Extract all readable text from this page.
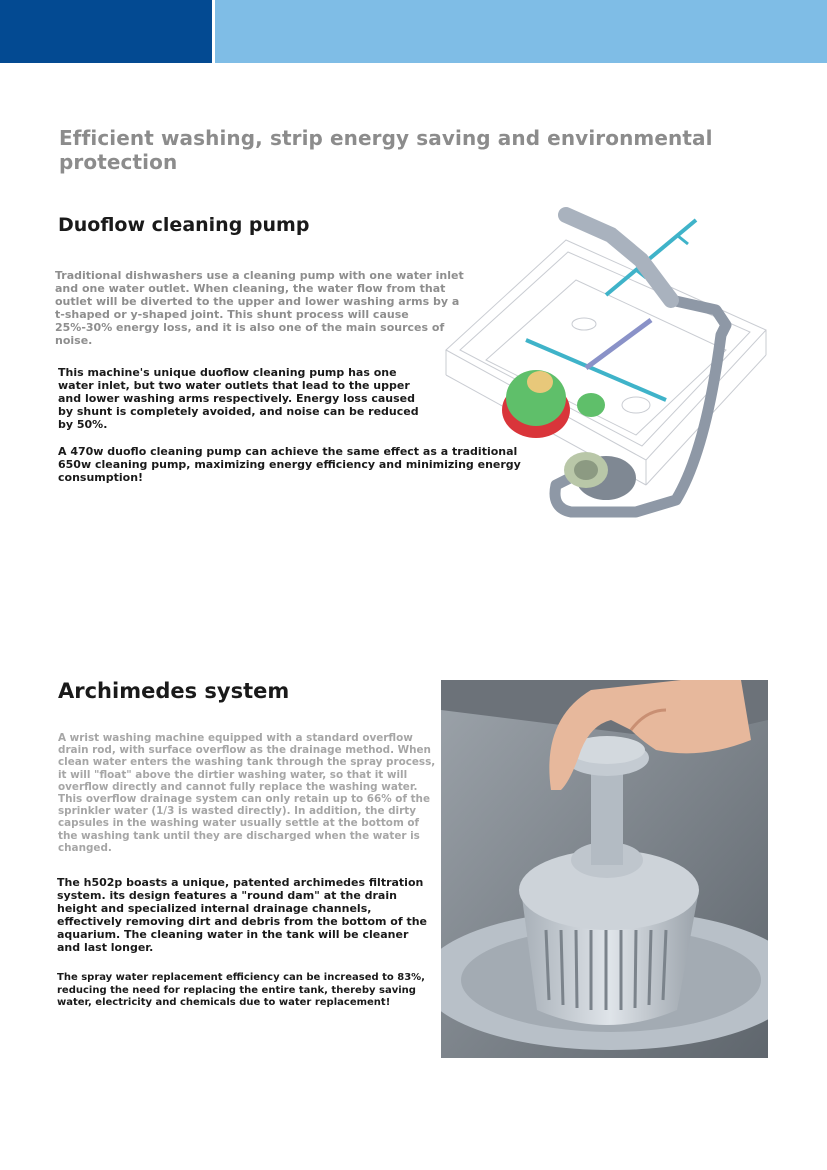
Efficient washing, strip energy saving and environmental protection
Duoflow cleaning pump

Traditional dishwashers use a cleaning pump with one water inlet and one water outlet. When cleaning, the water flow from that outlet will be diverted to the upper and lower washing arms by a t-shaped or y-shaped joint. This shunt process will cause 25%-30% energy loss, and it is also one of the main sources of noise.

This machine's unique duoflow cleaning pump has one water inlet, but two water outlets that lead to the upper and lower washing arms respectively. Energy loss caused by shunt is completely avoided, and noise can be reduced by 50%.

A 470w duoflo cleaning pump can achieve the same effect as a traditional 650w cleaning pump, maximizing energy efficiency and minimizing energy consumption!

Archimedes system

A wrist washing machine equipped with a standard overflow drain rod, with surface overflow as the drainage method. When clean water enters the washing tank through the spray process, it will "float" above the dirtier washing water, so that it will overflow directly and cannot fully replace the washing water. This overflow drainage system can only retain up to 66% of the sprinkler water (1/3 is wasted directly). In addition, the dirty capsules in the washing water usually settle at the bottom of the washing tank until they are discharged when the water is changed.

The h502p boasts a unique, patented archimedes filtration system. its design features a "round dam" at the drain height and specialized internal drainage channels, effectively removing dirt and debris from the bottom of the aquarium. The cleaning water in the tank will be cleaner and last longer.

The spray water replacement efficiency can be increased to 83%, reducing the need for replacing the entire tank, thereby saving water, electricity and chemicals due to water replacement!
